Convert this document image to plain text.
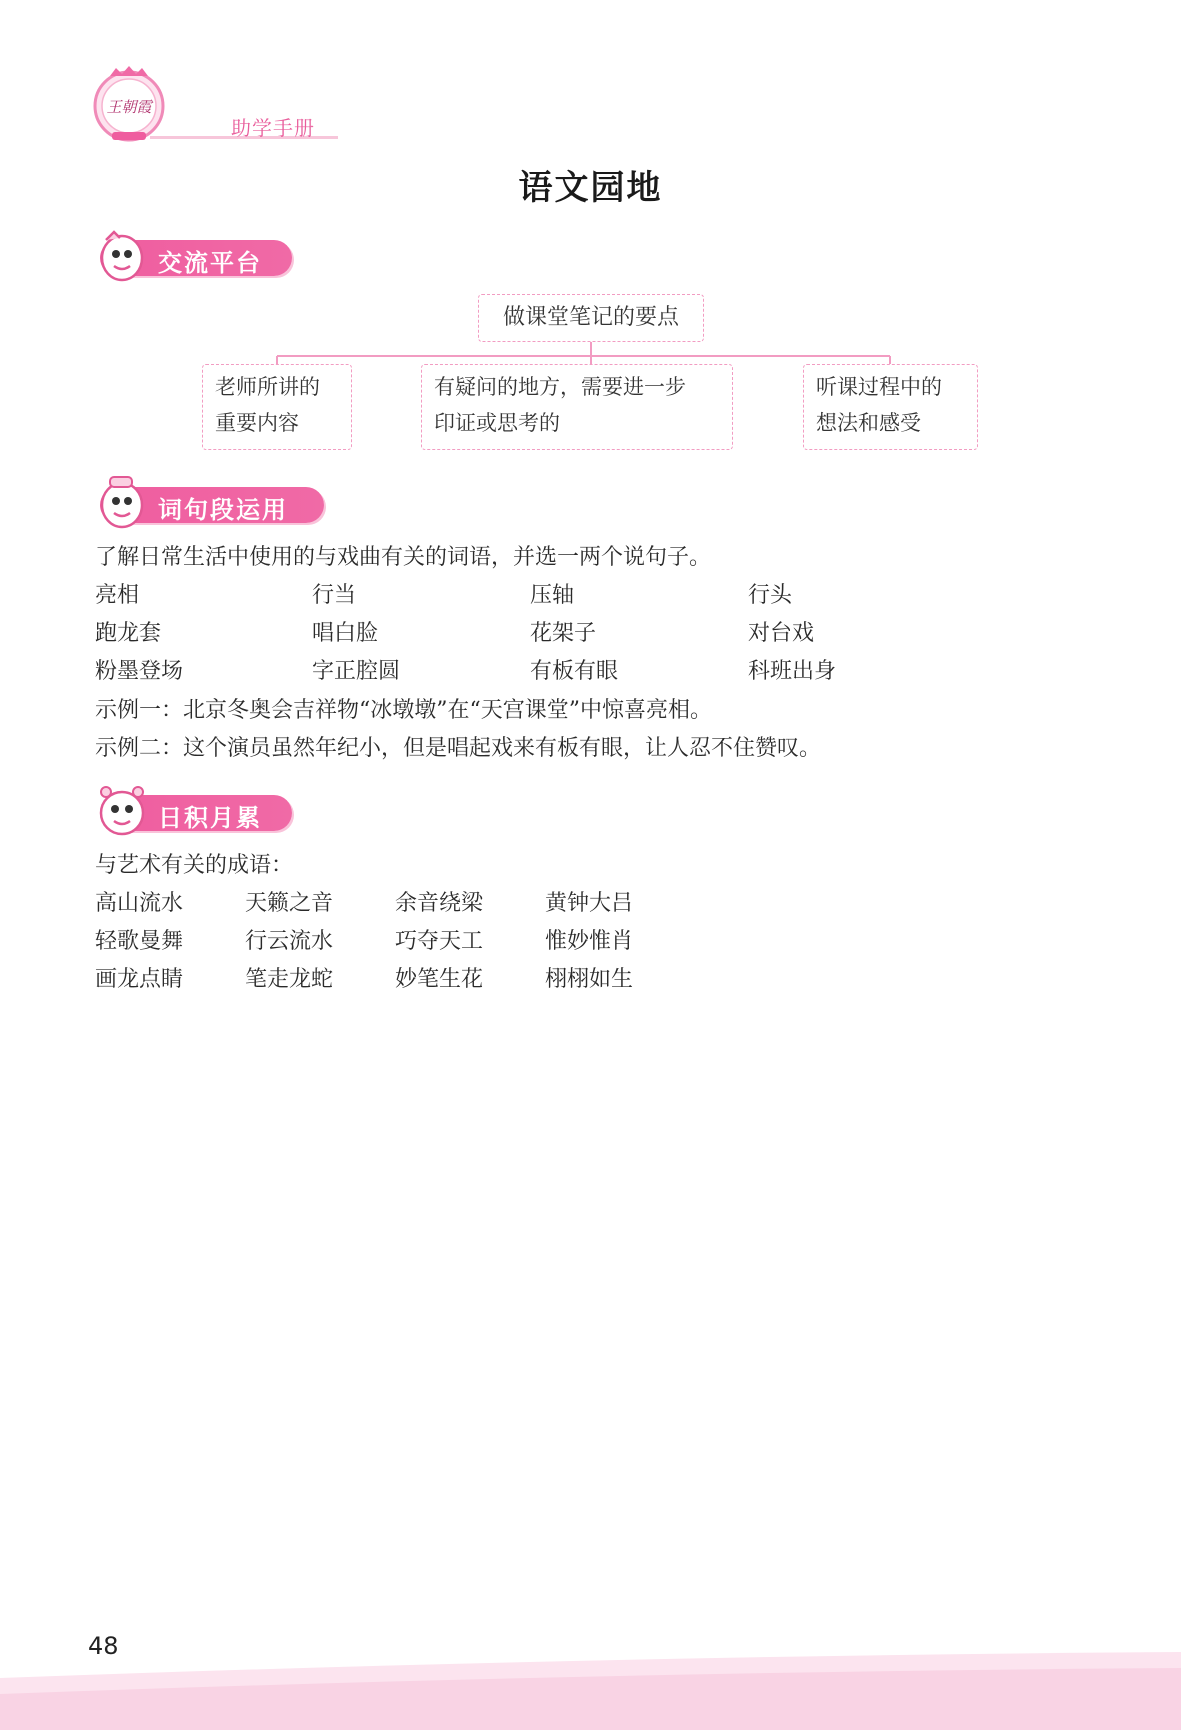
王朝霞
助学手册
语文园地
交流平台
做课堂笔记的要点
老师所讲的
重要内容
有疑问的地方，需要进一步
印证或思考的
听课过程中的
想法和感受
词句段运用
了解日常生活中使用的与戏曲有关的词语，并选一两个说句子。
亮相	行当	压轴	行头
跑龙套	唱白脸	花架子	对台戏
粉墨登场	字正腔圆	有板有眼	科班出身
示例一：北京冬奥会吉祥物“冰墩墩”在“天宫课堂”中惊喜亮相。
示例二：这个演员虽然年纪小，但是唱起戏来有板有眼，让人忍不住赞叹。
日积月累
与艺术有关的成语：
高山流水	天籁之音	余音绕梁	黄钟大吕
轻歌曼舞	行云流水	巧夺天工	惟妙惟肖
画龙点睛	笔走龙蛇	妙笔生花	栩栩如生
48
